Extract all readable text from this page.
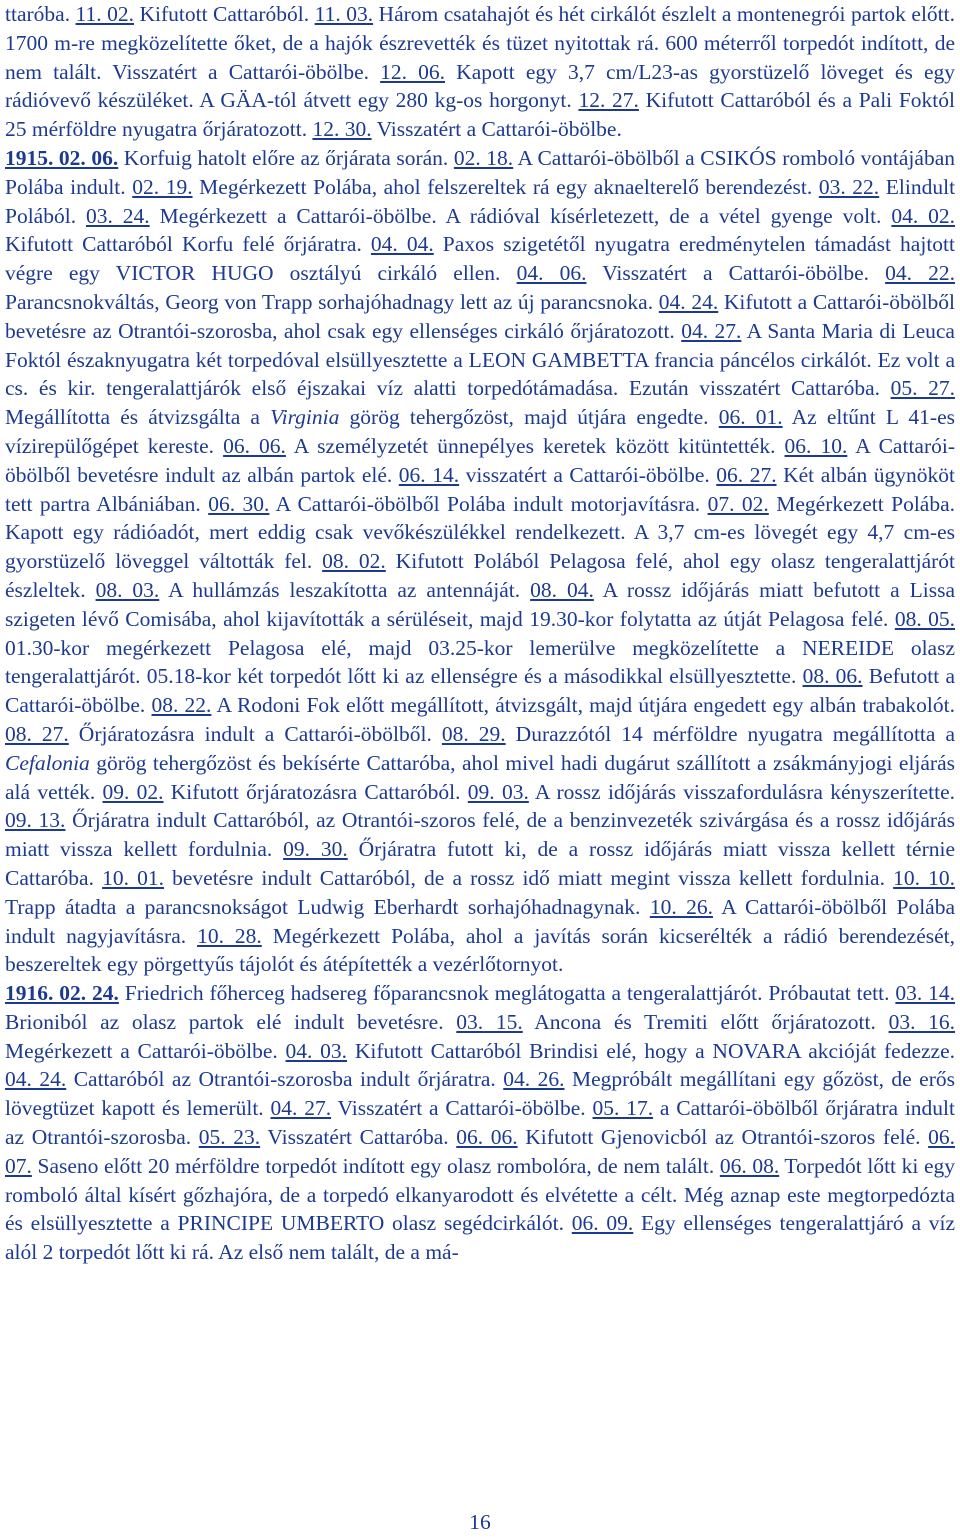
ttaróba. 11. 02. Kifutott Cattaróból. 11. 03. Három csatahajót és hét cirkálót észlelt a montenegrói partok előtt. 1700 m-re megközelítette őket, de a hajók észrevették és tüzet nyitottak rá. 600 méterről torpedót indított, de nem talált. Visszatért a Cattarói-öbölbe. 12. 06. Kapott egy 3,7 cm/L23-as gyorstüzelő löveget és egy rádióvevő készüléket. A GÄA-tól átvett egy 280 kg-os horgonyt. 12. 27. Kifutott Cattaróból és a Pali Foktól 25 mérföldre nyugatra őrjáratozott. 12. 30. Visszatért a Cattarói-öbölbe.

1915. 02. 06. Korfuig hatolt előre az őrjárata során. 02. 18. A Cattarói-öbölből a CSIKÓS romboló vontájában Polába indult. 02. 19. Megérkezett Polába, ahol felszereltek rá egy aknaelterelő berendezést. 03. 22. Elindult Polából. 03. 24. Megérkezett a Cattarói-öbölbe. A rádióval kísérletezett, de a vétel gyenge volt. 04. 02. Kifutott Cattaróból Korfu felé őrjáratra. 04. 04. Paxos szigetétől nyugatra eredménytelen támadást hajtott végre egy VICTOR HUGO osztályú cirkáló ellen. 04. 06. Visszatért a Cattarói-öbölbe. 04. 22. Parancsnokváltás, Georg von Trapp sorhajóhadnagy lett az új parancsnoka. 04. 24. Kifutott a Cattarói-öbölből bevetésre az Otrantói-szorosba, ahol csak egy ellenséges cirkáló őrjáratozott. 04. 27. A Santa Maria di Leuca Foktól északnyugatra két torpedóval elsüllyesztette a LEON GAMBETTA francia páncélos cirkálót. Ez volt a cs. és kir. tengeralattjárók első éjszakai víz alatti torpedótámadása. Ezután visszatért Cattaróba. 05. 27. Megállította és átvizsgálta a Virginia görög tehergőzöst, majd útjára engedte. 06. 01. Az eltűnt L 41-es vízirepülőgépet kereste. 06. 06. A személyzetét ünnepélyes keretek között kitüntették. 06. 10. A Cattarói-öbölből bevetésre indult az albán partok elé. 06. 14. visszatért a Cattarói-öbölbe. 06. 27. Két albán ügynököt tett partra Albániában. 06. 30. A Cattarói-öbölből Polába indult motorjavításra. 07. 02. Megérkezett Polába. Kapott egy rádióadót, mert eddig csak vevőkészülékkel rendelkezett. A 3,7 cm-es lövegét egy 4,7 cm-es gyorstüzelő löveggel váltották fel. 08. 02. Kifutott Polából Pelagosa felé, ahol egy olasz tengeralattjárót észleltek. 08. 03. A hullámzás leszakította az antennáját. 08. 04. A rossz időjárás miatt befutott a Lissa szigeten lévő Comisába, ahol kijavították a sérüléseit, majd 19.30-kor folytatta az útját Pelagosa felé. 08. 05. 01.30-kor megérkezett Pelagosa elé, majd 03.25-kor lemerülve megközelítette a NEREIDE olasz tengeralattjárót. 05.18-kor két torpedót lőtt ki az ellenségre és a másodikkal elsüllyesztette. 08. 06. Befutott a Cattarói-öbölbe. 08. 22. A Rodoni Fok előtt megállított, átvizsgált, majd útjára engedett egy albán trabakolót. 08. 27. Őrjáratozásra indult a Cattarói-öbölből. 08. 29. Durazzótól 14 mérföldre nyugatra megállította a Cefalonia görög tehergőzöst és bekísérte Cattaróba, ahol mivel hadi dugárut szállított a zsákmányjogi eljárás alá vették. 09. 02. Kifutott őrjáratozásra Cattaróból. 09. 03. A rossz időjárás visszafordulásra kényszerítette. 09. 13. Őrjáratra indult Cattaróból, az Otrantói-szoros felé, de a benzinvezeték szivárgása és a rossz időjárás miatt vissza kellett fordulnia. 09. 30. Őrjáratra futott ki, de a rossz időjárás miatt vissza kellett térnie Cattaróba. 10. 01. bevetésre indult Cattaróból, de a rossz idő miatt megint vissza kellett fordulnia. 10. 10. Trapp átadta a parancsnokságot Ludwig Eberhardt sorhajóhadnagynak. 10. 26. A Cattarói-öbölből Polába indult nagyjavításra. 10. 28. Megérkezett Polába, ahol a javítás során kicserélték a rádió berendezését, beszereltek egy pörgettyűs tájolót és átépítették a vezérlőtornyot.

1916. 02. 24. Friedrich főherceg hadsereg főparancsnok meglátogatta a tengeralattjárót. Próbautat tett. 03. 14. Brioniból az olasz partok elé indult bevetésre. 03. 15. Ancona és Tremiti előtt őrjáratozott. 03. 16. Megérkezett a Cattarói-öbölbe. 04. 03. Kifutott Cattaróból Brindisi elé, hogy a NOVARA akcióját fedezze. 04. 24. Cattaróból az Otrantói-szorosba indult őrjáratra. 04. 26. Megpróbált megállítani egy gőzöst, de erős lövegtüzet kapott és lemerült. 04. 27. Visszatért a Cattarói-öbölbe. 05. 17. a Cattarói-öbölből őrjáratra indult az Otrantói-szorosba. 05. 23. Visszatért Cattaróba. 06. 06. Kifutott Gjenovicból az Otrantói-szoros felé. 06. 07. Saseno előtt 20 mérföldre torpedót indított egy olasz rombolóra, de nem talált. 06. 08. Torpedót lőtt ki egy romboló által kísért gőzhajóra, de a torpedó elkanyarodott és elvétette a célt. Még aznap este megtorpedózta és elsüllyesztette a PRINCIPE UMBERTO olasz segédcirkálót. 06. 09. Egy ellenséges tengeralattjáró a víz alól 2 torpedót lőtt ki rá. Az első nem talált, de a má-

16
